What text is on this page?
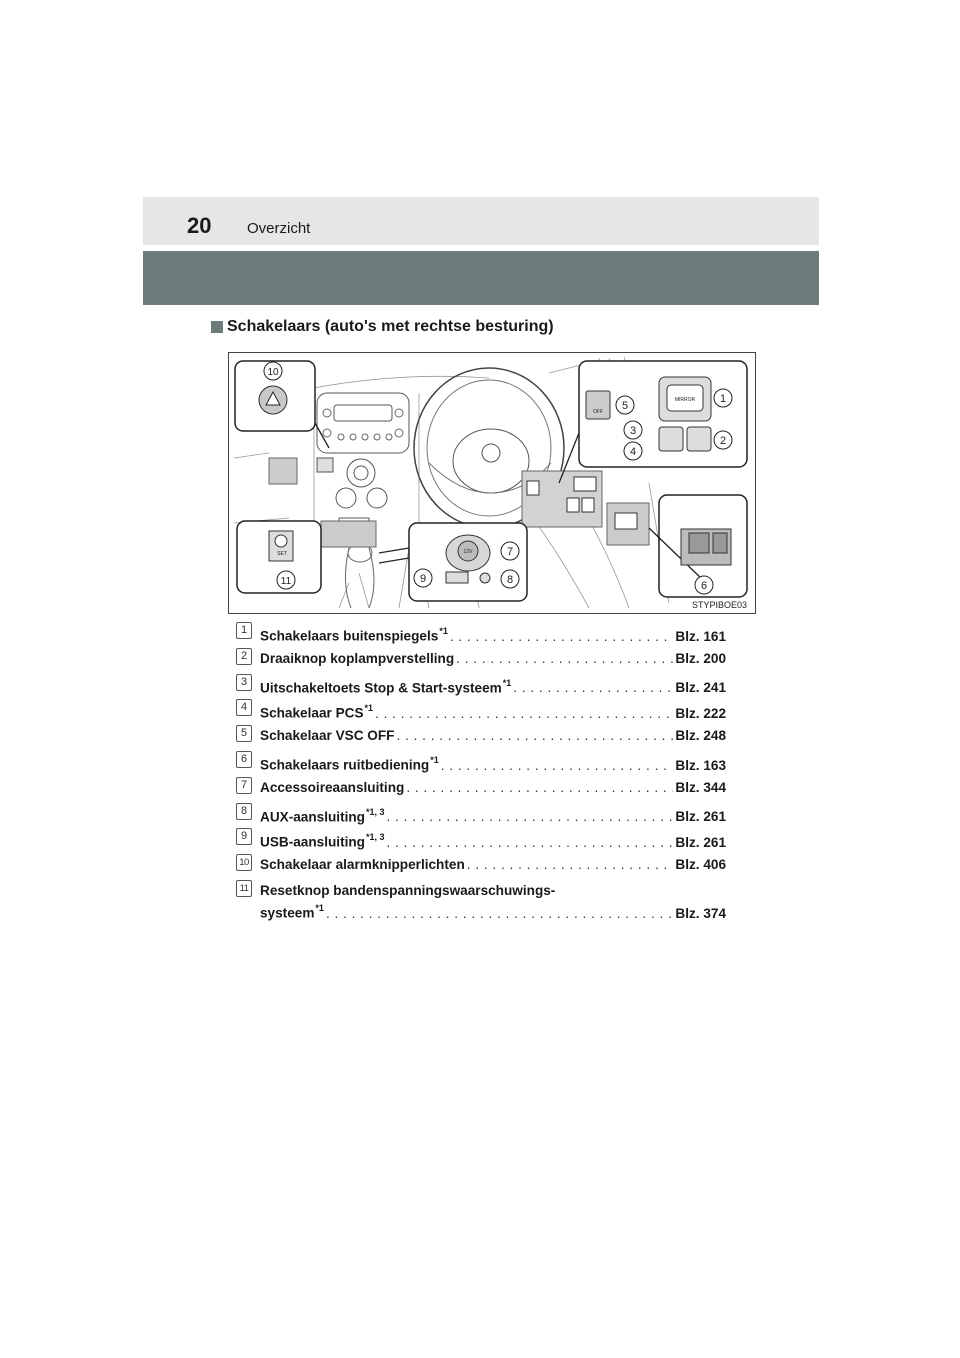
20 Overzicht
Schakelaars (auto's met rechtse besturing)
1
2
3
4
5
6
7
8
9
10
11
MIRROR
OFF
SET	12V
STYPIBOE03
1 Schakelaars buitenspiegels$^{*1}$ . . .	Blz. 161
2 Draaiknop koplampverstelling . . .	Blz. 200
3 Uitschakeltoets Stop & Start-systeem$^{*1}$ . . .	Blz. 241
4 Schakelaar PCS$^{*1}$ . . .	Blz. 222
5 Schakelaar VSC OFF . . .	Blz. 248
6 Schakelaars ruitbediening$^{*1}$ . . .	Blz. 163
7 Accessoireaansluiting . . .	Blz. 344
8 AUX-aansluiting$^{*1, 3}$ . . .	Blz. 261
9 USB-aansluiting$^{*1, 3}$ . . .	Blz. 261
10 Schakelaar alarmknipperlichten . . .	Blz. 406
11 Resetknop bandenspanningswaarschuwings-
systeem$^{*1}$ . . .	Blz. 374
